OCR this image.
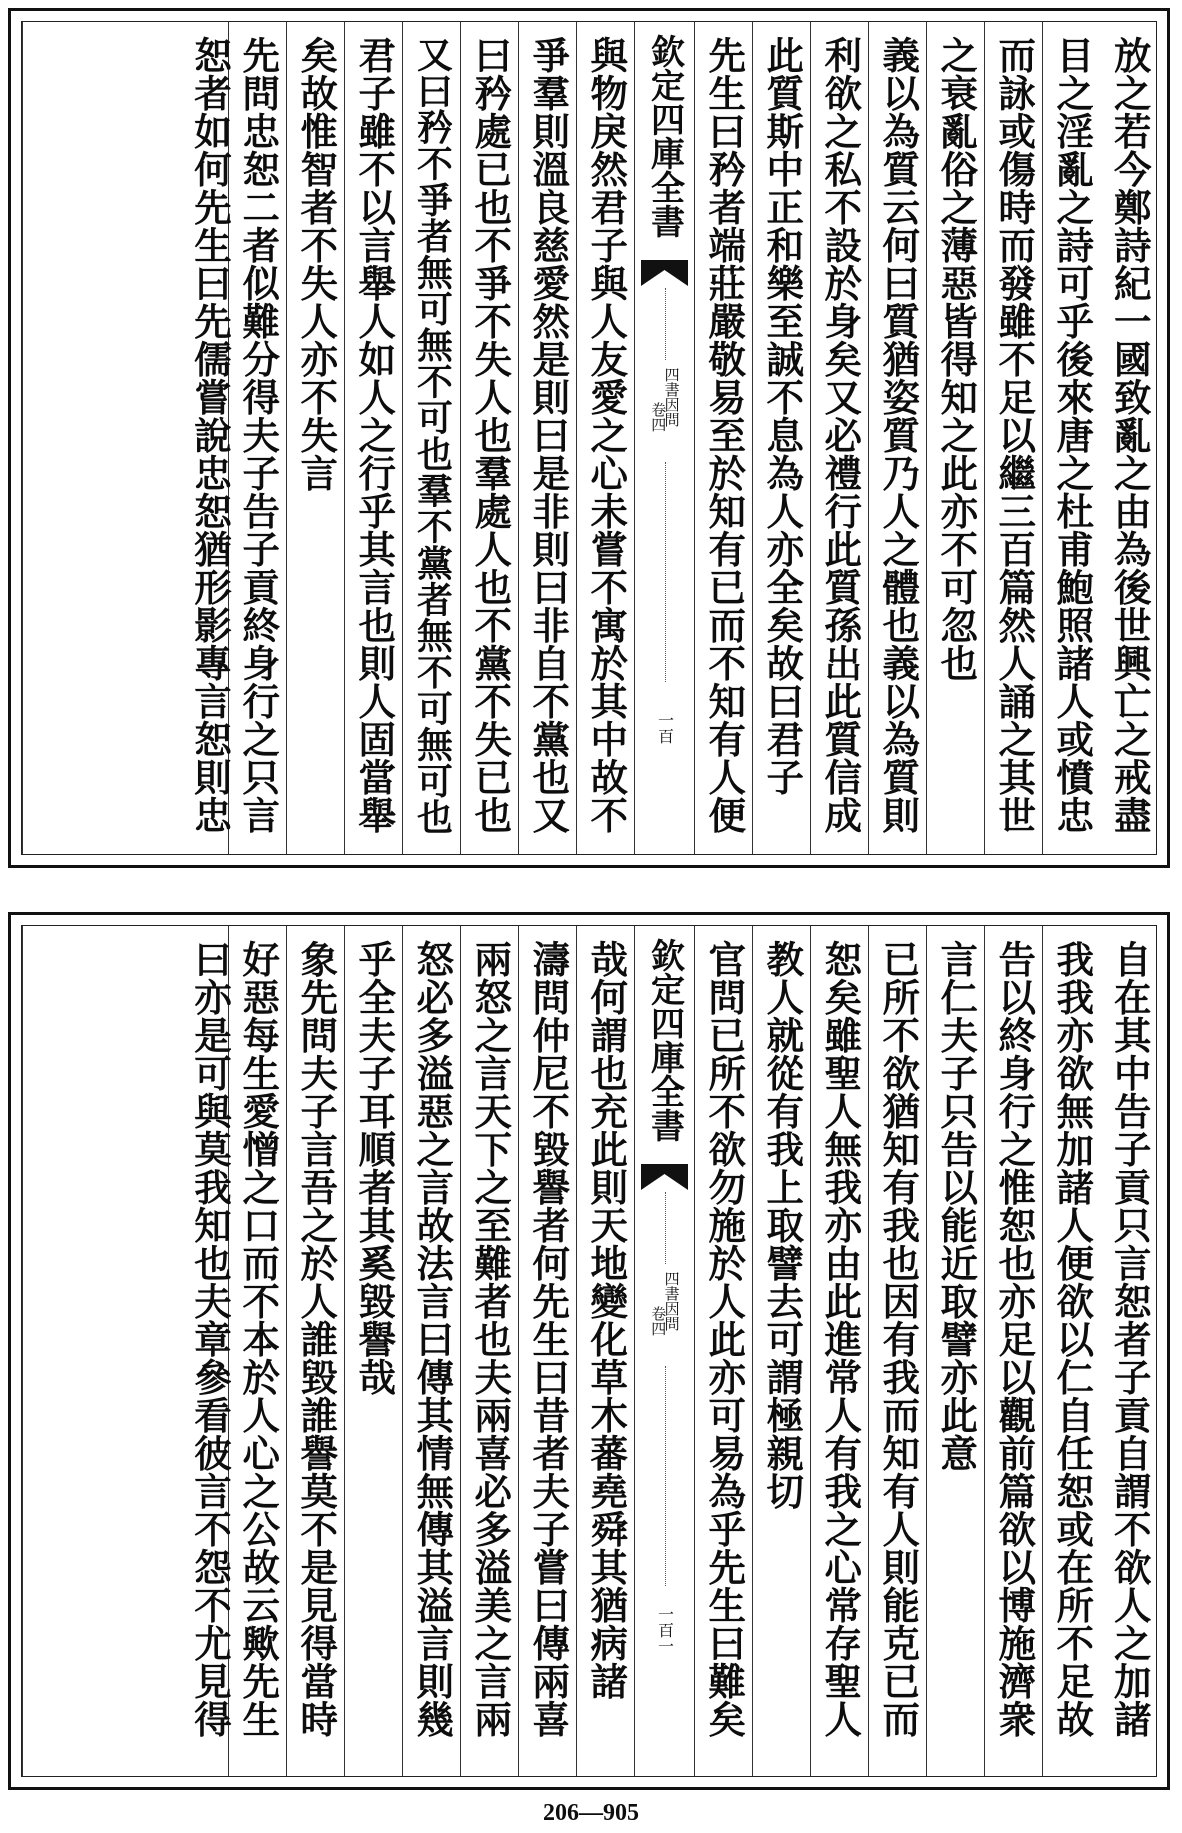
放之若今鄭詩紀一國致亂之由為後世興亡之戒盡
目之淫亂之詩可乎後來唐之杜甫鮑照諸人或憤忠
而詠或傷時而發雖不足以繼三百篇然人誦之其世
之衰亂俗之薄惡皆得知之此亦不可忽也
義以為質云何曰質猶姿質乃人之體也義以為質則
利欲之私不設於身矣又必禮行此質孫出此質信成
此質斯中正和樂至誠不息為人亦全矣故曰君子
先生曰矜者端莊嚴敬易至於知有已而不知有人便
欽定四庫全書
四書因問
卷四
一百
與物戾然君子與人友愛之心未嘗不寓於其中故不
爭羣則溫良慈愛然是則曰是非則曰非自不黨也又
曰矜處已也不爭不失人也羣處人也不黨不失已也
又曰矜不爭者無可無不可也羣不黨者無不可無可也
君子雖不以言舉人如人之行乎其言也則人固當舉
矣故惟智者不失人亦不失言
先問忠恕二者似難分得夫子告子貢終身行之只言
恕者如何先生曰先儒嘗說忠恕猶形影專言恕則忠
自在其中告子貢只言恕者子貢自謂不欲人之加諸
我我亦欲無加諸人便欲以仁自任恕或在所不足故
告以終身行之惟恕也亦足以觀前篇欲以博施濟衆
言仁夫子只告以能近取譬亦此意
已所不欲猶知有我也因有我而知有人則能克已而
恕矣雖聖人無我亦由此進常人有我之心常存聖人
教人就從有我上取譬去可謂極親切
官問已所不欲勿施於人此亦可易為乎先生曰難矣
欽定四庫全書
四書因問
卷四
一百一
哉何謂也充此則天地變化草木蕃堯舜其猶病諸
濤問仲尼不毀譽者何先生曰昔者夫子嘗曰傳兩喜
兩怒之言天下之至難者也夫兩喜必多溢美之言兩
怒必多溢惡之言故法言曰傳其情無傳其溢言則幾
乎全夫子耳順者其奚毀譽哉
象先問夫子言吾之於人誰毀誰譽莫不是見得當時
好惡每生愛憎之口而不本於人心之公故云歟先生
曰亦是可與莫我知也夫章參看彼言不怨不尤見得
206—905
